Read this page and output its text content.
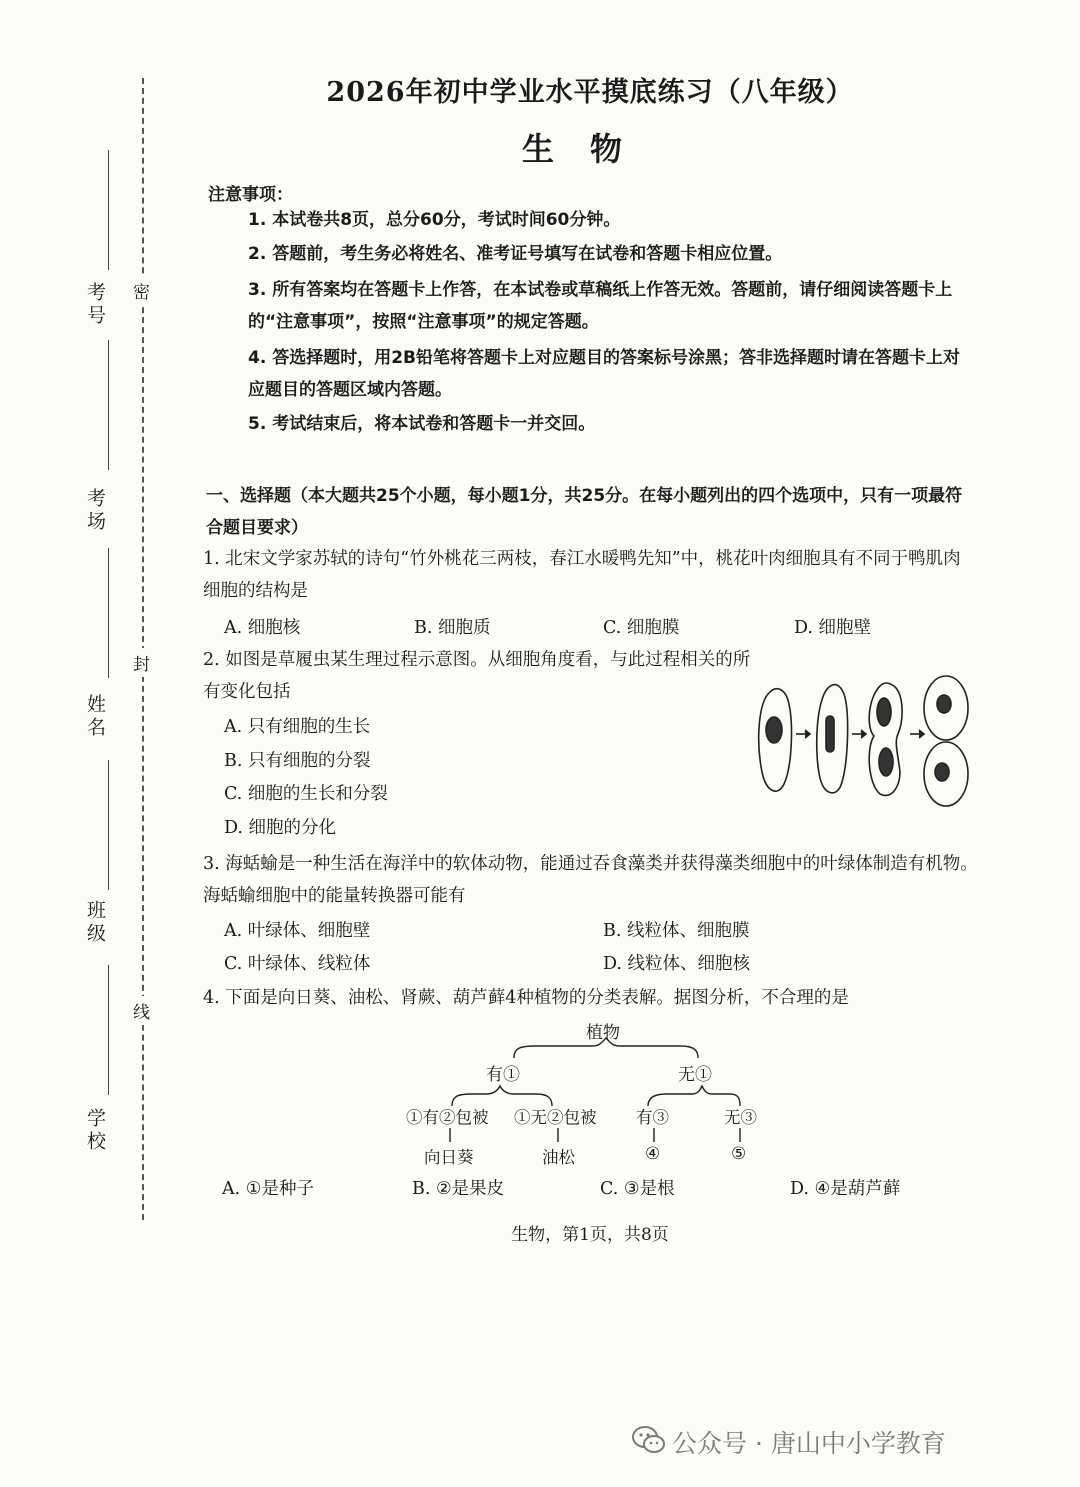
考号
考场
姓名
班级
学校
密
封
线
2026年初中学业水平摸底练习（八年级）
生物
注意事项：
1. 本试卷共8页，总分60分，考试时间60分钟。
2. 答题前，考生务必将姓名、准考证号填写在试卷和答题卡相应位置。
3. 所有答案均在答题卡上作答，在本试卷或草稿纸上作答无效。答题前，请仔细阅读答题卡上的“注意事项”，按照“注意事项”的规定答题。
4. 答选择题时，用2B铅笔将答题卡上对应题目的答案标号涂黑；答非选择题时请在答题卡上对应题目的答题区域内答题。
5. 考试结束后，将本试卷和答题卡一并交回。
一、选择题（本大题共25个小题，每小题1分，共25分。在每小题列出的四个选项中，只有一项最符合题目要求）
1. 北宋文学家苏轼的诗句“竹外桃花三两枝，春江水暖鸭先知”中，桃花叶肉细胞具有不同于鸭肌肉细胞的结构是
A. 细胞核	B. 细胞质	C. 细胞膜	D. 细胞壁
2. 如图是草履虫某生理过程示意图。从细胞角度看，与此过程相关的所有变化包括
A. 只有细胞的生长
B. 只有细胞的分裂
C. 细胞的生长和分裂
D. 细胞的分化
3. 海蛞蝓是一种生活在海洋中的软体动物，能通过吞食藻类并获得藻类细胞中的叶绿体制造有机物。海蛞蝓细胞中的能量转换器可能有
A. 叶绿体、细胞壁	B. 线粒体、细胞膜
C. 叶绿体、线粒体	D. 线粒体、细胞核
4. 下面是向日葵、油松、肾蕨、葫芦藓4种植物的分类表解。据图分析，不合理的是
植物
有①	无①
①有②包被 ①无②包被 有③	无③
向日葵	油松	④	⑤
A. ①是种子	B. ②是果皮	C. ③是根	D. ④是葫芦藓
生物，第1页，共8页
公众号 · 唐山中小学教育
